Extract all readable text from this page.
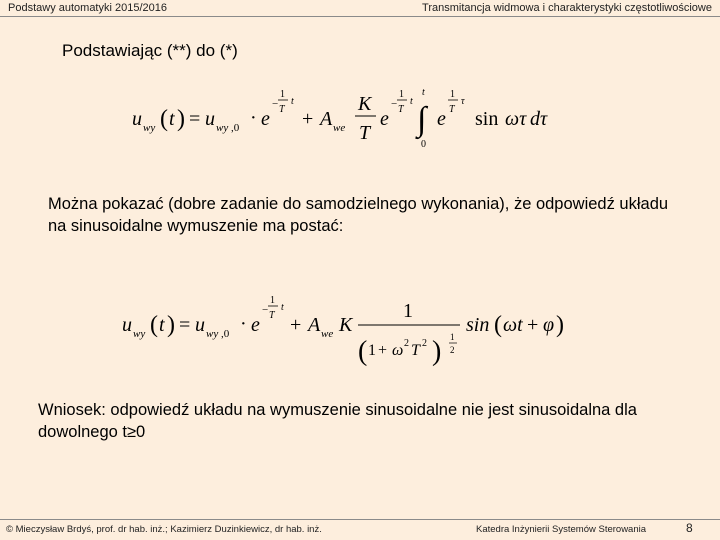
Podstawy automatyki 2015/2016	Transmitancja widmowa i charakterystyki częstotliwościowe
Podstawiając (**) do (*)
u wy ( t ) = u wy ,0 · e
−
1
T
t
+ A we
K
T
e
−
1
T
t
t
∫
0
e
1
T
τ
sin ωτ dτ
Można pokazać (dobre zadanie do samodzielnego wykonania), że odpowiedź układu na sinusoidalne wymuszenie ma postać:
u wy ( t ) = u wy ,0 · e
−
1
T
t
+ A we K
1
( 1 + ω 2 T 2 ) 1
2
sin ( ωt + φ )
Wniosek: odpowiedź układu na wymuszenie sinusoidalne nie jest sinusoidalna dla dowolnego t≥0
© Mieczysław Brdyś, prof. dr hab. inż.; Kazimierz Duzinkiewicz, dr hab. inż.	Katedra Inżynierii Systemów Sterowania	8
